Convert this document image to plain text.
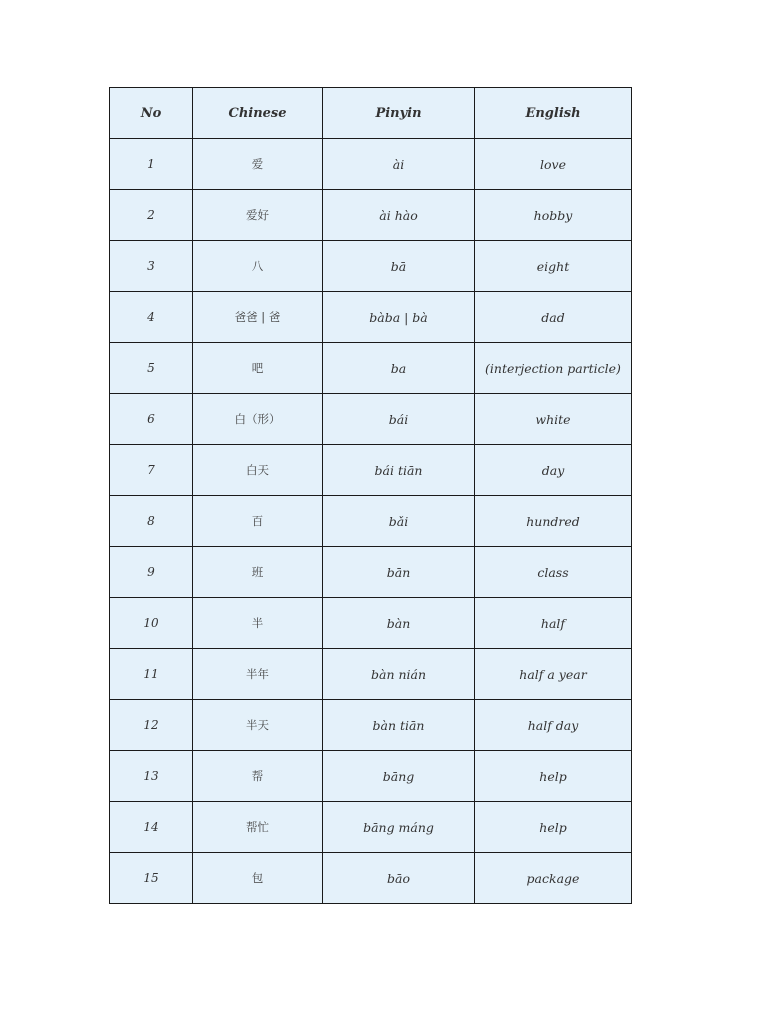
No	Chinese	Pinyin	English
1	爱	ài	love
2	爱好	ài hào	hobby
3	八	bā	eight
4	爸爸 | 爸	bàba | bà	dad
5	吧	ba	(interjection particle)
6	白（形）	bái	white
7	白天	bái tiān	day
8	百	bǎi	hundred
9	班	bān	class
10	半	bàn	half
11	半年	bàn nián	half a year
12	半天	bàn tiān	half day
13	帮	bāng	help
14	帮忙	bāng máng	help
15	包	bāo	package
